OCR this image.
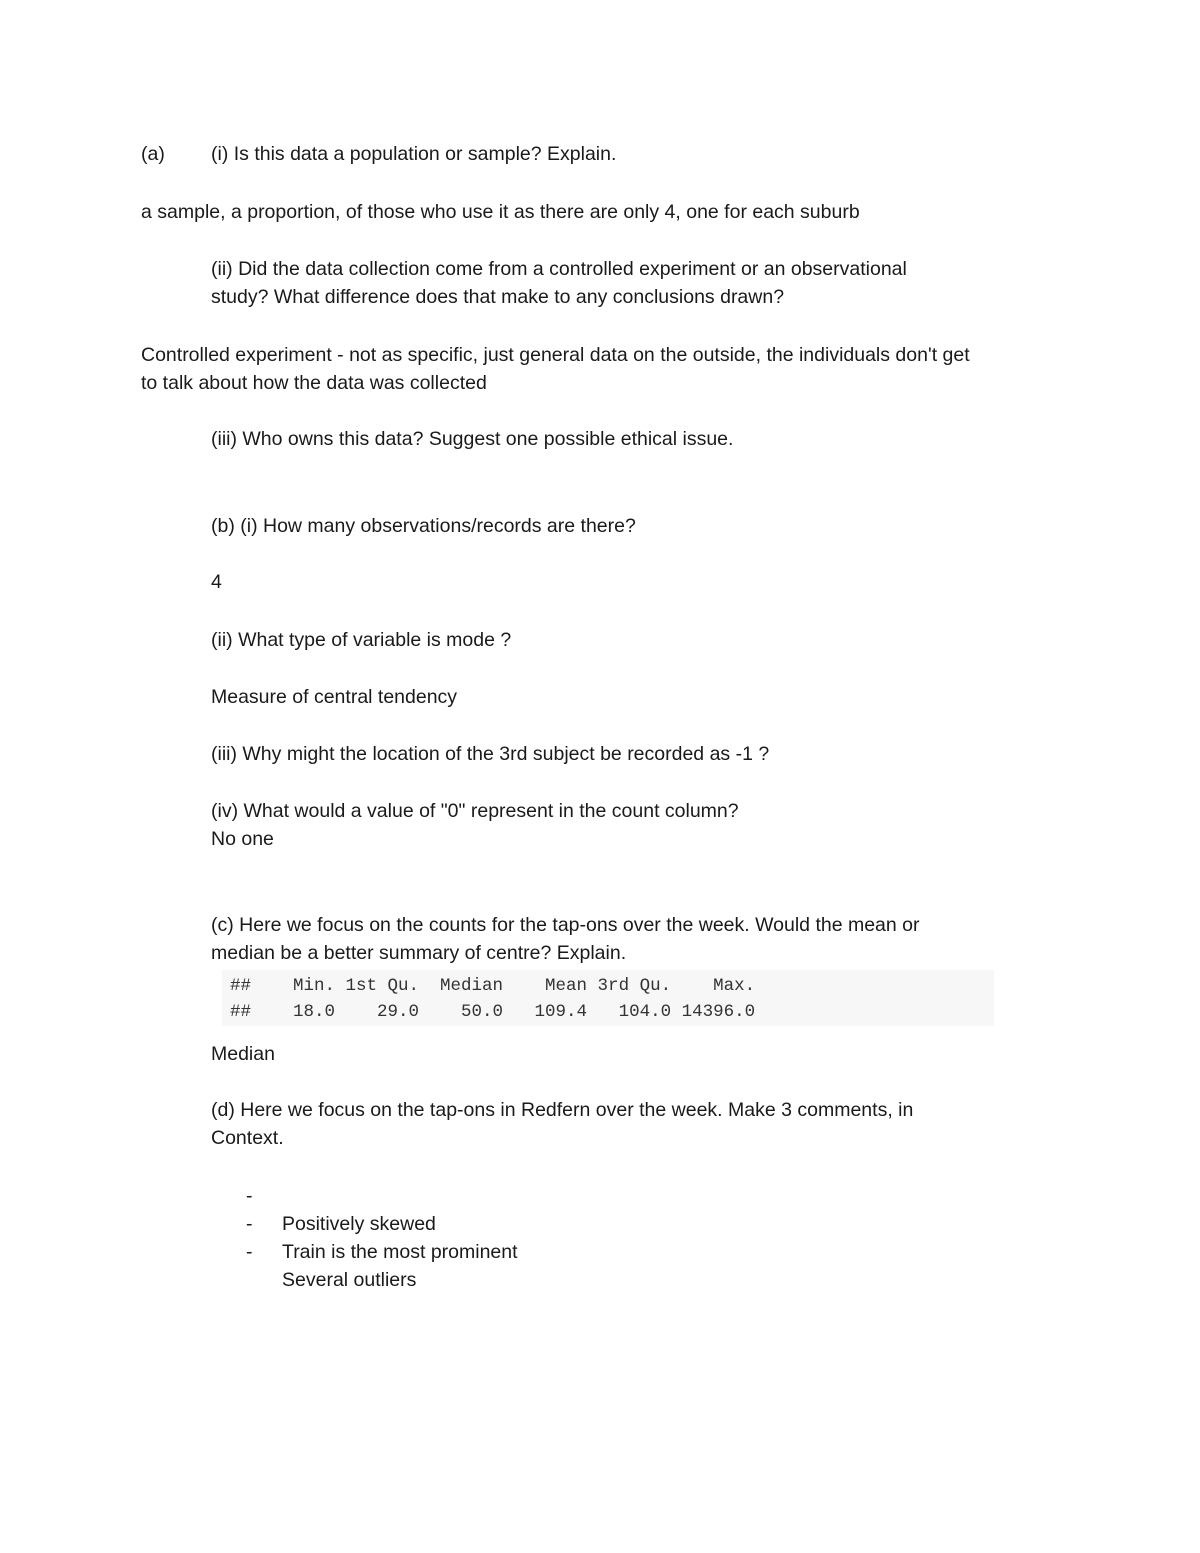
(a) (i) Is this data a population or sample? Explain.
a sample, a proportion, of those who use it as there are only 4, one for each suburb
(ii) Did the data collection come from a controlled experiment or an observational
study? What difference does that make to any conclusions drawn?
Controlled experiment - not as specific, just general data on the outside, the individuals don't get
to talk about how the data was collected
(iii) Who owns this data? Suggest one possible ethical issue.
(b) (i) How many observations/records are there?
4
(ii) What type of variable is mode ?
Measure of central tendency
(iii) Why might the location of the 3rd subject be recorded as -1 ?
(iv) What would a value of "0" represent in the count column?
No one
(c) Here we focus on the counts for the tap-ons over the week. Would the mean or
median be a better summary of centre? Explain.
##    Min. 1st Qu.  Median    Mean 3rd Qu.    Max.
##    18.0    29.0    50.0   109.4   104.0 14396.0
Median
(d) Here we focus on the tap-ons in Redfern over the week. Make 3 comments, in
Context.

-

Positively skewed

-

Train is the most prominent

-

Several outliers
